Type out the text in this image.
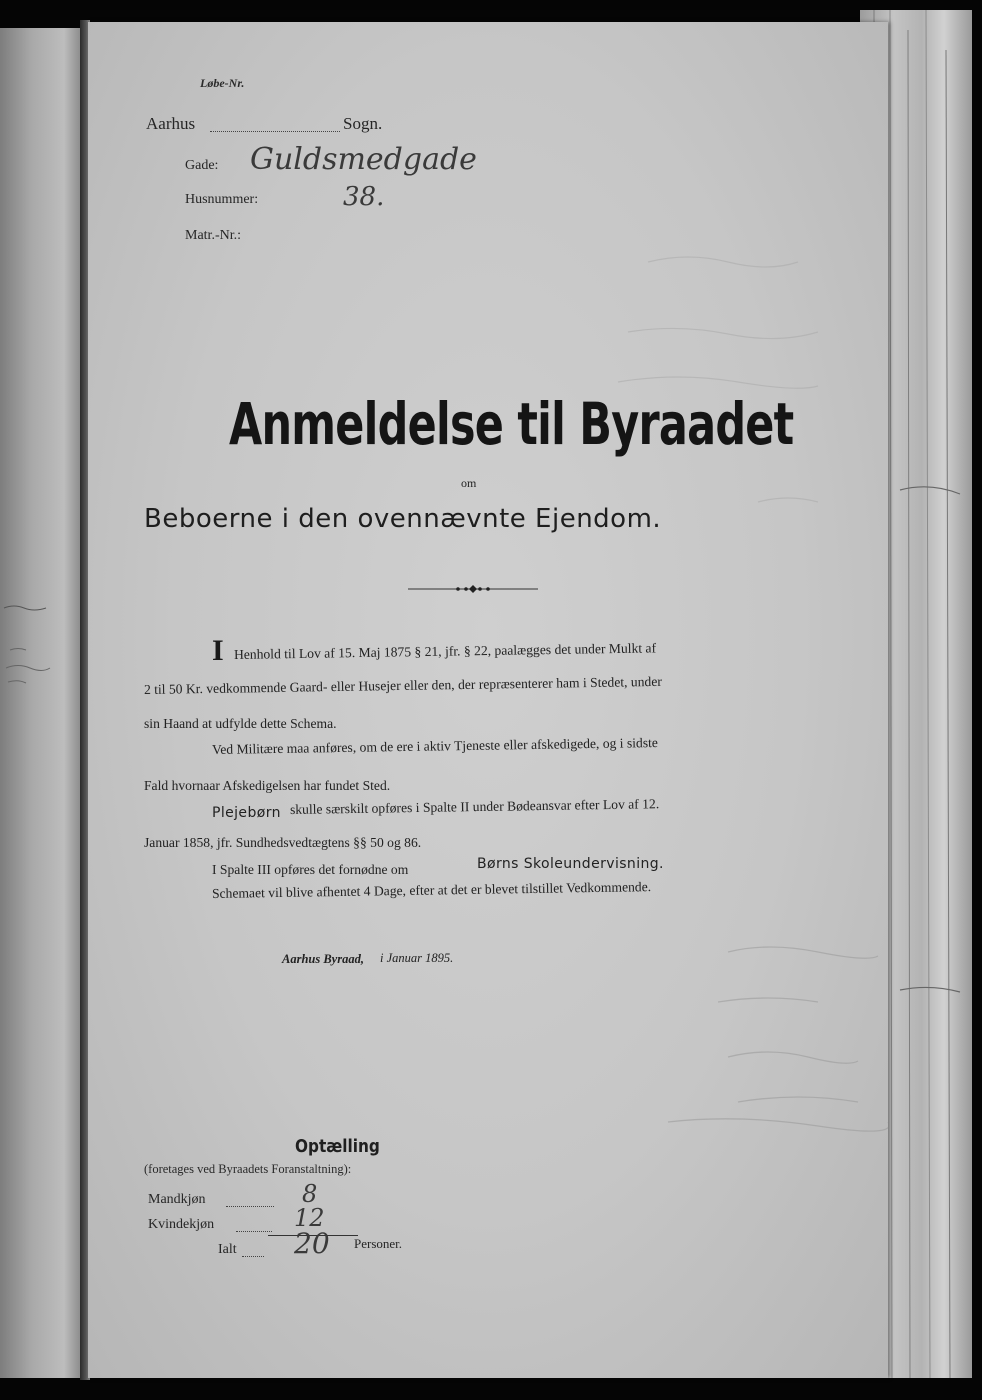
Løbe-Nr.
Aarhus	Sogn.
Gade: Guldsmedgade
Husnummer:	38.
Matr.-Nr.:
Anmeldelse til Byraadet
om
Beboerne i den ovennævnte Ejendom.
I Henhold til Lov af 15. Maj 1875 § 21, jfr. § 22, paalægges det under Mulkt af
2 til 50 Kr. vedkommende Gaard- eller Husejer eller den, der repræsenterer ham i Stedet, under
sin Haand at udfylde dette Schema.
Ved Militære maa anføres, om de ere i aktiv Tjeneste eller afskedigede, og i sidste
Fald hvornaar Afskedigelsen har fundet Sted.
Plejebørn skulle særskilt opføres i Spalte II under Bødeansvar efter Lov af 12.
Januar 1858, jfr. Sundhedsvedtægtens §§ 50 og 86.
I Spalte III opføres det fornødne om	Børns Skoleundervisning.
Schemaet vil blive afhentet 4 Dage, efter at det er blevet tilstillet Vedkommende.
Aarhus Byraad, i Januar 1895.
Optælling
(foretages ved Byraadets Foranstaltning):
Mandkjøn	8
Kvindekjøn	12
Ialt 20 Personer.
